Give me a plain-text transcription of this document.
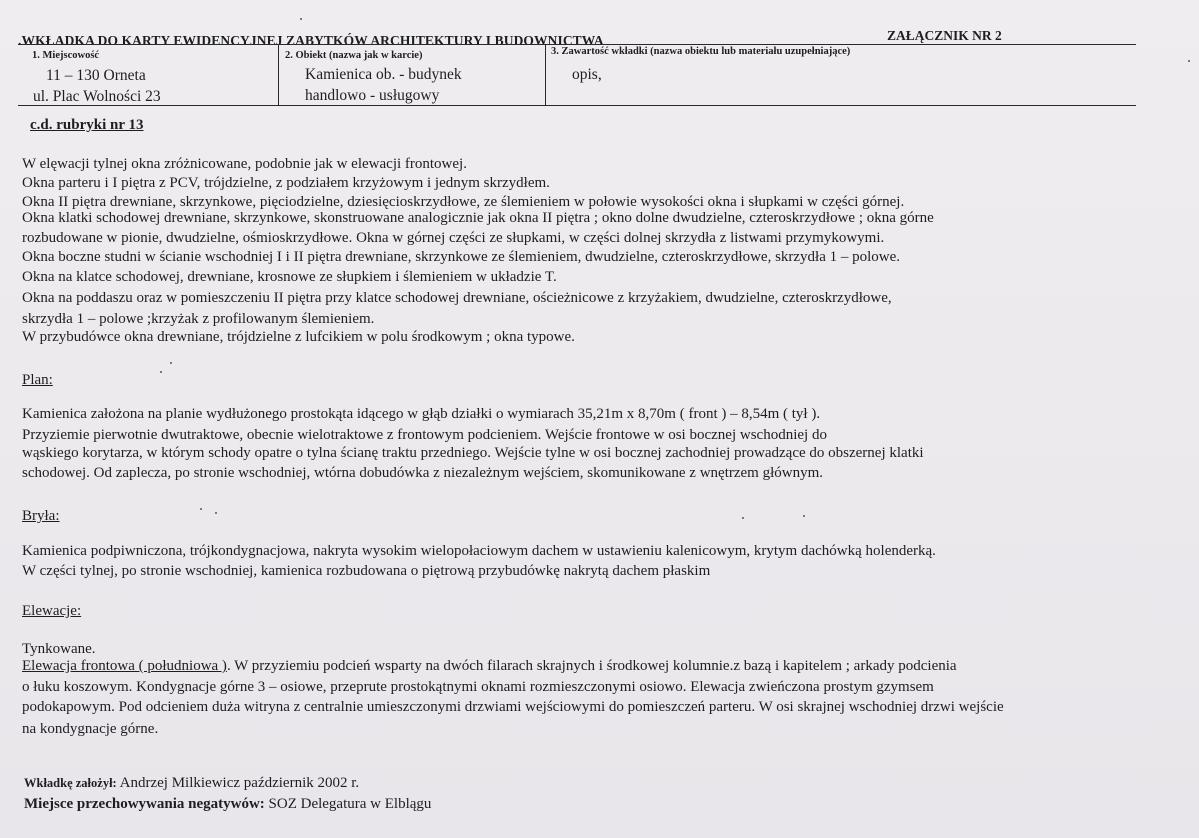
.WKŁADKA DO KARTY EWIDENCYJNEJ ZABYTKÓW ARCHITEKTURY I BUDOWNICTWA	ZAŁĄCZNIK NR 2
1. Miejscowość
11 – 130 Orneta
ul. Plac Wolności 23
2. Obiekt (nazwa jak w karcie)
Kamienica ob. - budynek
handlowo - usługowy
3. Zawartość wkładki (nazwa obiektu lub materiału uzupełniające)
opis,
c.d. rubryki nr 13
W elęwacji tylnej okna zróżnicowane, podobnie jak w elewacji frontowej.
Okna parteru i I piętra z PCV, trójdzielne, z podziałem krzyżowym i jednym skrzydłem.
Okna II piętra drewniane, skrzynkowe, pięciodzielne, dziesięcioskrzydłowe, ze ślemieniem w połowie wysokości okna i słupkami w części górnej.
Okna klatki schodowej drewniane, skrzynkowe, skonstruowane analogicznie jak okna II piętra ; okno dolne dwudzielne, czteroskrzydłowe ; okna górne
rozbudowane w pionie, dwudzielne, ośmioskrzydłowe. Okna w górnej części ze słupkami, w części dolnej skrzydła z listwami przymykowymi.
Okna boczne studni w ścianie wschodniej I i II piętra drewniane, skrzynkowe ze ślemieniem, dwudzielne, czteroskrzydłowe, skrzydła 1 – polowe.
Okna na klatce schodowej, drewniane, krosnowe ze słupkiem i ślemieniem w układzie T.
Okna na poddaszu oraz w pomieszczeniu II piętra przy klatce schodowej drewniane, ościeżnicowe z krzyżakiem, dwudzielne, czteroskrzydłowe,
skrzydła 1 – polowe ;krzyżak z profilowanym ślemieniem.
W przybudówce okna drewniane, trójdzielne z lufcikiem w polu środkowym ; okna typowe.
Plan:
Kamienica założona na planie wydłużonego prostokąta idącego w głąb działki o wymiarach 35,21m x 8,70m ( front ) – 8,54m ( tył ).
Przyziemie pierwotnie dwutraktowe, obecnie wielotraktowe z frontowym podcieniem. Wejście frontowe w osi bocznej wschodniej do
wąskiego korytarza, w którym schody opatre o tylna ścianę traktu przedniego. Wejście tylne w osi bocznej zachodniej prowadzące do obszernej klatki
schodowej. Od zaplecza, po stronie wschodniej, wtórna dobudówka z niezależnym wejściem, skomunikowane z wnętrzem głównym.
Bryła:
Kamienica podpiwniczona, trójkondygnacjowa, nakryta wysokim wielopołaciowym dachem w ustawieniu kalenicowym, krytym dachówką holenderką.
W części tylnej, po stronie wschodniej, kamienica rozbudowana o piętrową przybudówkę nakrytą dachem płaskim
Elewacje:
Tynkowane.
Elewacja frontowa ( południowa ). W przyziemiu podcień wsparty na dwóch filarach skrajnych i środkowej kolumnie.z bazą i kapitelem ; arkady podcienia
o łuku koszowym. Kondygnacje górne 3 – osiowe, przeprute prostokątnymi oknami rozmieszczonymi osiowo. Elewacja zwieńczona prostym gzymsem
podokapowym. Pod odcieniem duża witryna z centralnie umieszczonymi drzwiami wejściowymi do pomieszczeń parteru. W osi skrajnej wschodniej drzwi wejście
na kondygnacje górne.
Wkładkę założył: Andrzej Milkiewicz październik 2002 r.
Miejsce przechowywania negatywów: SOZ Delegatura w Elblągu
